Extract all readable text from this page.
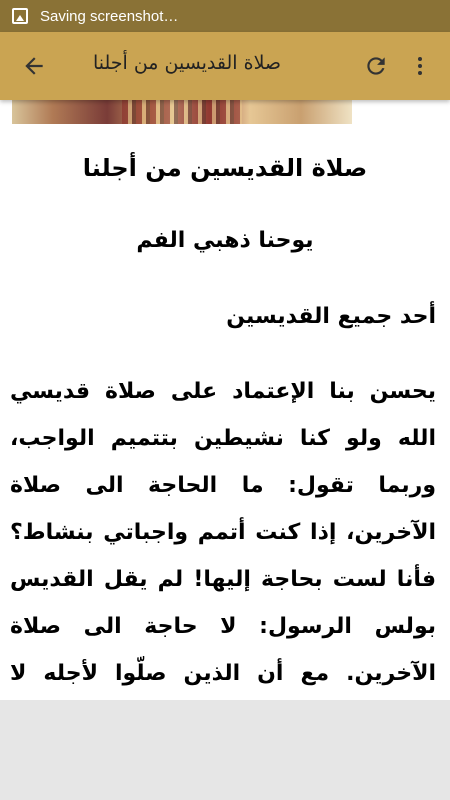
Saving screenshot…
صلاة القديسين من أجلنا
صلاة القديسين من أجلنا
يوحنا ذهبي الفم
أحد جميع القديسين
يحسن بنا الإعتماد على صلاة قديسي الله ولو كنا نشيطين بتتميم الواجب، وربما تقول: ما الحاجة الى صلاة الآخرين، إذا كنت أتمم واجباتي بنشاط؟ فأنا لست بحاجة إليها! لم يقل القديس بولس الرسول: لا حاجة الى صلاة الآخرين. مع أن الذين صلّوا لأجله لا
